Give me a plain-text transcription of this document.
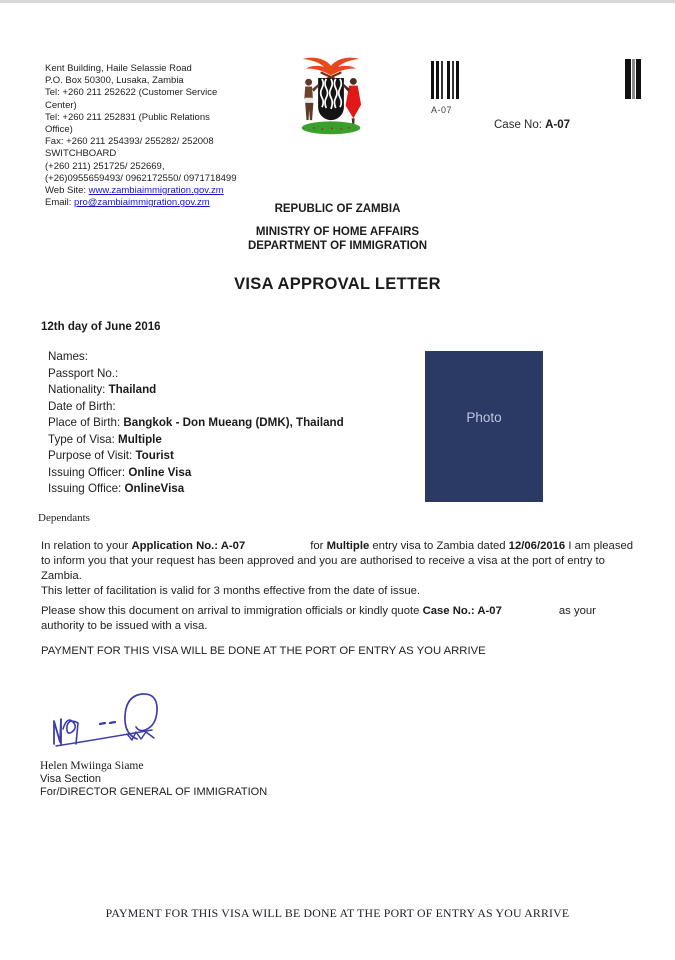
Kent Building, Haile Selassie Road
P.O. Box 50300, Lusaka, Zambia
Tel: +260 211 252622 (Customer Service
Center)
Tel: +260 211 252831 (Public Relations
Office)
Fax: +260 211 254393/ 255282/ 252008
SWITCHBOARD
(+260 211) 251725/ 252669,
(+26)0955659493/ 0962172550/ 0971718499
Web Site: www.zambiaimmigration.gov.zm
Email: pro@zambiaimmigration.gov.zm
A-07
Case No: A-07
REPUBLIC OF ZAMBIA
MINISTRY OF HOME AFFAIRS
DEPARTMENT OF IMMIGRATION
VISA APPROVAL LETTER
12th day of June 2016
Names:
Passport No.:
Nationality: Thailand
Date of Birth:
Place of Birth: Bangkok - Don Mueang (DMK), Thailand
Type of Visa: Multiple
Purpose of Visit: Tourist
Issuing Officer: Online Visa
Issuing Office: OnlineVisa
Photo
Dependants
In relation to your Application No.: A-07	for Multiple entry visa to Zambia dated 12/06/2016 I am pleased to inform you that your request has been approved and you are authorised to receive a visa at the port of entry to Zambia.
This letter of facilitation is valid for 3 months effective from the date of issue.
Please show this document on arrival to immigration officials or kindly quote Case No.: A-07	as your authority to be issued with a visa.
PAYMENT FOR THIS VISA WILL BE DONE AT THE PORT OF ENTRY AS YOU ARRIVE
Helen Mwiinga Siame
Visa Section
For/DIRECTOR GENERAL OF IMMIGRATION
PAYMENT FOR THIS VISA WILL BE DONE AT THE PORT OF ENTRY AS YOU ARRIVE
